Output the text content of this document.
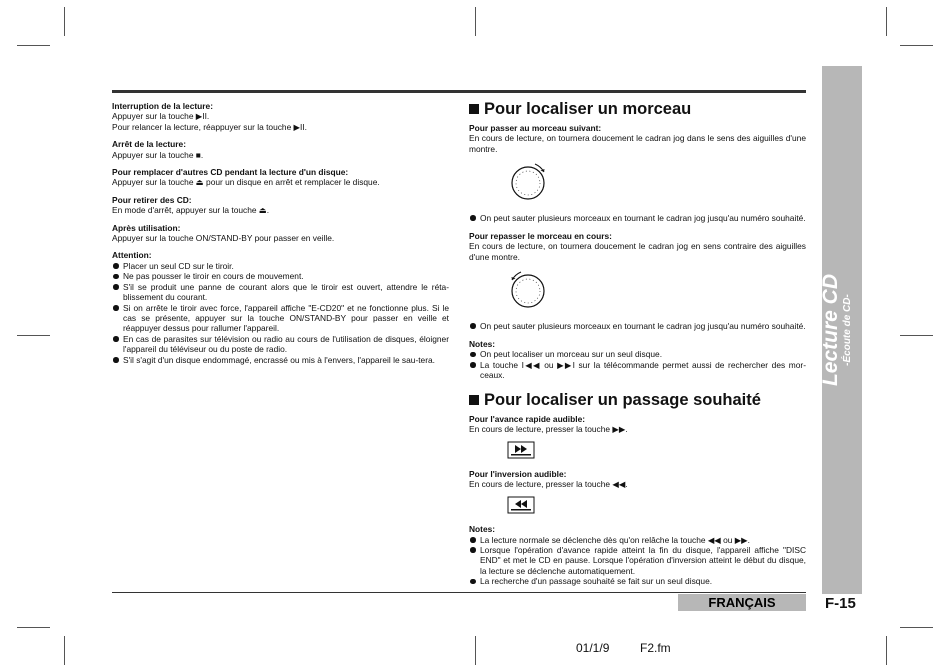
Interruption de la lecture:
Appuyer sur la touche ▶II.
Pour relancer la lecture, réappuyer sur la touche ▶II.
Arrêt de la lecture:
Appuyer sur la touche ■.
Pour remplacer d'autres CD pendant la lecture d'un disque:
Appuyer sur la touche ⏏ pour un disque en arrêt et remplacer le disque.
Pour retirer des CD:
En mode d'arrêt, appuyer sur la touche ⏏.
Après utilisation:
Appuyer sur la touche ON/STAND-BY pour passer en veille.
Attention:
Placer un seul CD sur le tiroir.
Ne pas pousser le tiroir en cours de mouvement.
S'il se produit une panne de courant alors que le tiroir est ouvert, attendre le réta-blissement du courant.
Si on arrête le tiroir avec force, l'appareil affiche "E-CD20" et ne fonctionne plus. Si le cas se présente, appuyer sur la touche ON/STAND-BY pour passer en veille et réappuyer dessus pour rallumer l'appareil.
En cas de parasites sur télévision ou radio au cours de l'utilisation de disques, éloigner l'appareil du téléviseur ou du poste de radio.
S'il s'agit d'un disque endommagé, encrassé ou mis à l'envers, l'appareil le sau-tera.
Pour localiser un morceau
Pour passer au morceau suivant:
En cours de lecture, on tournera doucement le cadran jog dans le sens des aiguilles d'une montre.
On peut sauter plusieurs morceaux en tournant le cadran jog jusqu'au numéro souhaité.
Pour repasser le morceau en cours:
En cours de lecture, on tournera doucement le cadran jog en sens contraire des aiguilles d'une montre.
On peut sauter plusieurs morceaux en tournant le cadran jog jusqu'au numéro souhaité.
Notes:
On peut localiser un morceau sur un seul disque.
La touche I◀◀ ou ▶▶I sur la télécommande permet aussi de rechercher des mor-ceaux.
Pour localiser un passage souhaité
Pour l'avance rapide audible:
En cours de lecture, presser la touche ▶▶.
Pour l'inversion audible:
En cours de lecture, presser la touche ◀◀.
Notes:
La lecture normale se déclenche dès qu'on relâche la touche ◀◀ ou ▶▶.
Lorsque l'opération d'avance rapide atteint la fin du disque, l'appareil affiche "DISC END" et met le CD en pause. Lorsque l'opération d'inversion atteint le début du disque, la lecture se déclenche automatiquement.
La recherche d'un passage souhaité se fait sur un seul disque.
Lecture CD -Écoute de CD-
FRANÇAIS	F-15
01/1/9	F2.fm
